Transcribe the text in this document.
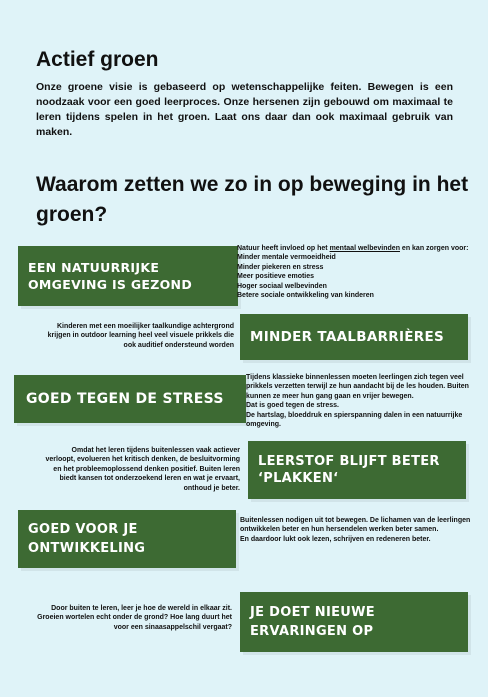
Actief groen

Onze groene visie is gebaseerd op wetenschappelijke feiten. Bewegen is een noodzaak voor een goed leerproces. Onze hersenen zijn gebouwd om maximaal te leren tijdens spelen in het groen. Laat ons daar dan ook maximaal gebruik van maken.

Waarom zetten we zo in op beweging in het groen?
EEN NATUURRIJKE
OMGEVING IS GEZOND
Natuur heeft invloed op het mentaal welbevinden en kan zorgen voor:
Minder mentale vermoeidheid
Minder piekeren en stress
Meer positieve emoties
Hoger sociaal welbevinden
Betere sociale ontwikkeling van kinderen

Kinderen met een moeilijker taalkundige achtergrond krijgen in outdoor learning heel veel visuele prikkels die ook auditief ondersteund worden

MINDER TAALBARRIÈRES
GOED TEGEN DE STRESS
Tijdens klassieke binnenlessen moeten leerlingen zich tegen veel prikkels verzetten terwijl ze hun aandacht bij de les houden. Buiten kunnen ze meer hun gang gaan en vrijer bewegen.
Dat is goed tegen de stress.
De hartslag, bloeddruk en spierspanning dalen in een natuurrijke omgeving.

Omdat het leren tijdens buitenlessen vaak actiever verloopt, evolueren het kritisch denken, de besluitvorming en het probleemoplossend denken positief. Buiten leren biedt kansen tot onderzoekend leren en wat je ervaart, onthoud je beter.

LEERSTOF BLIJFT BETER
‘PLAKKEN‘
GOED VOOR JE
ONTWIKKELING
Buitenlessen nodigen uit tot bewegen. De lichamen van de leerlingen ontwikkelen beter en hun hersendelen werken beter samen.
En daardoor lukt ook lezen, schrijven en redeneren beter.

Door buiten te leren, leer je hoe de wereld in elkaar zit. Groeien wortelen echt onder de grond? Hoe lang duurt het voor een sinaasappelschil vergaat?

JE DOET NIEUWE
ERVARINGEN OP
